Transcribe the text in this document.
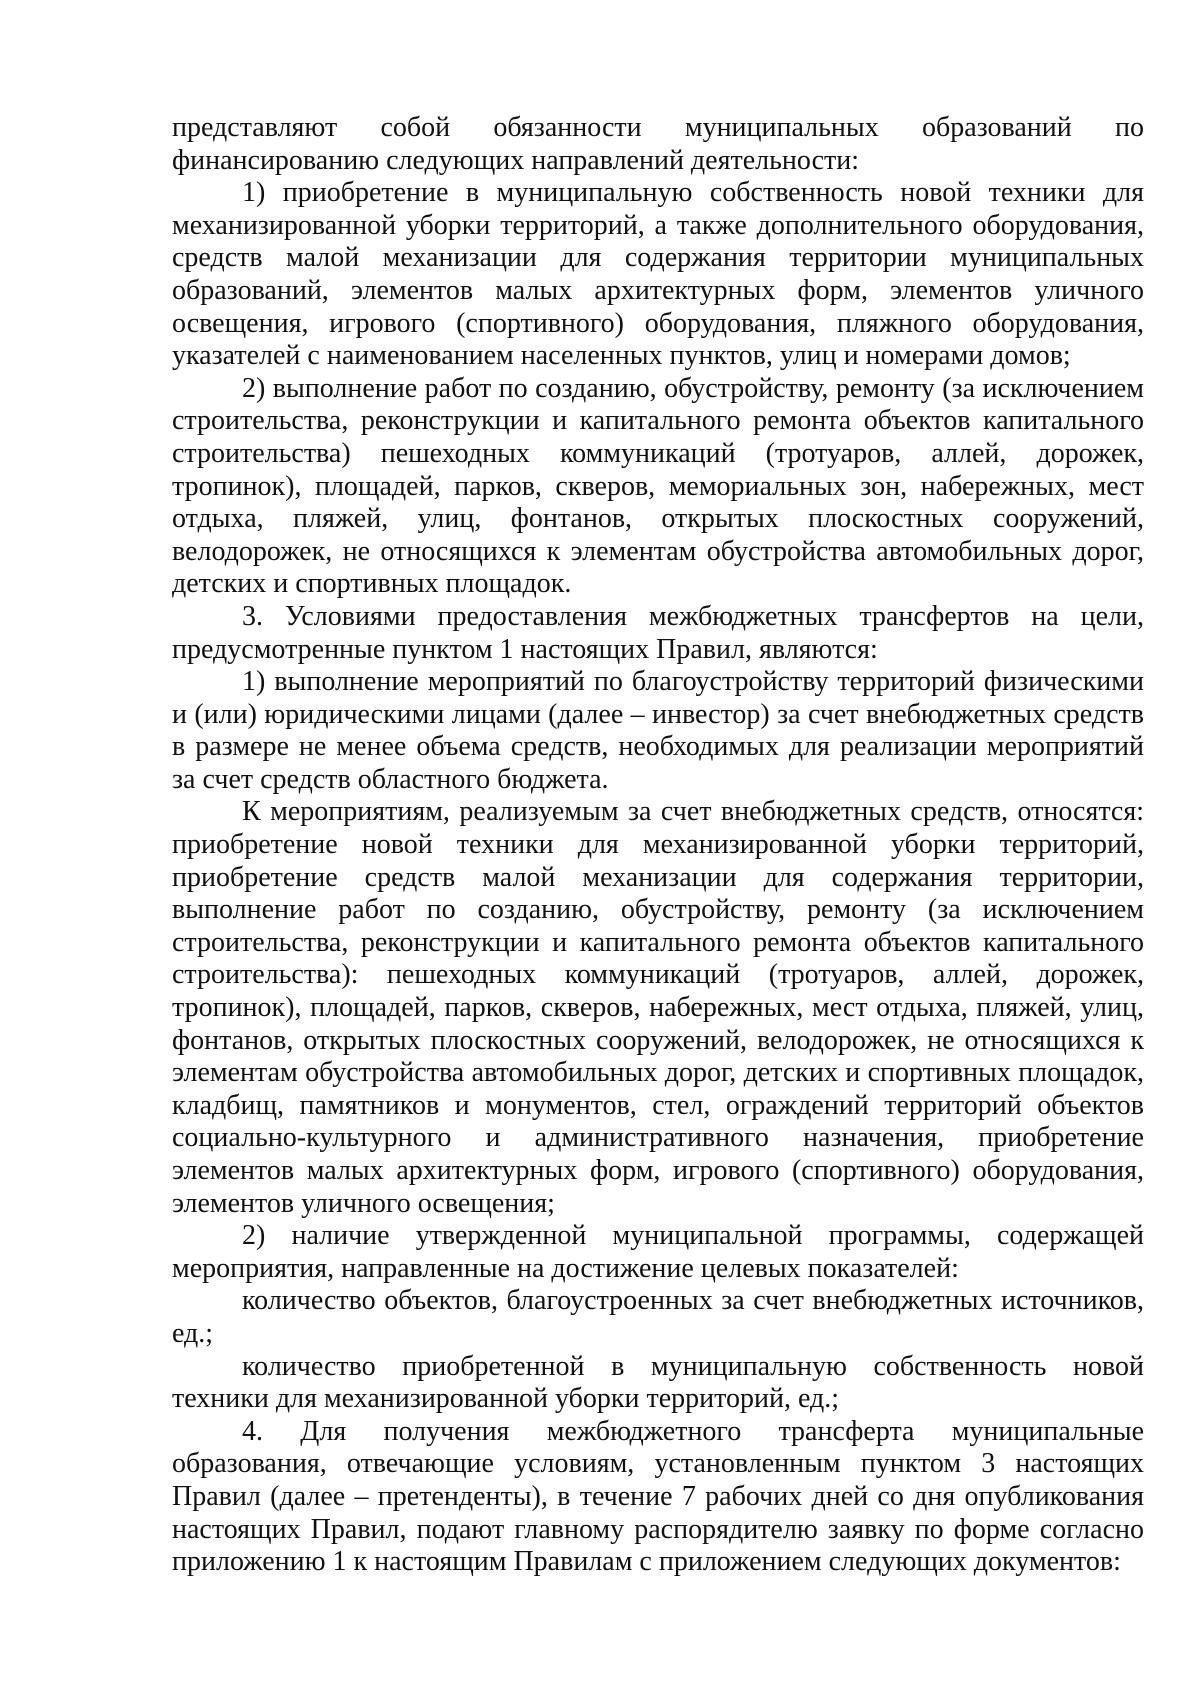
представляют собой обязанности муниципальных образований по финансированию следующих направлений деятельности:

1) приобретение в муниципальную собственность новой техники для механизированной уборки территорий, а также дополнительного оборудования, средств малой механизации для содержания территории муниципальных образований, элементов малых архитектурных форм, элементов уличного освещения, игрового (спортивного) оборудования, пляжного оборудования, указателей с наименованием населенных пунктов, улиц и номерами домов;

2) выполнение работ по созданию, обустройству, ремонту (за исключением строительства, реконструкции и капитального ремонта объектов капитального строительства) пешеходных коммуникаций (тротуаров, аллей, дорожек, тропинок), площадей, парков, скверов, мемориальных зон, набережных, мест отдыха, пляжей, улиц, фонтанов, открытых плоскостных сооружений, велодорожек, не относящихся к элементам обустройства автомобильных дорог, детских и спортивных площадок.

3. Условиями предоставления межбюджетных трансфертов на цели, предусмотренные пунктом 1 настоящих Правил, являются:

1) выполнение мероприятий по благоустройству территорий физическими и (или) юридическими лицами (далее – инвестор) за счет внебюджетных средств в размере не менее объема средств, необходимых для реализации мероприятий за счет средств областного бюджета.

К мероприятиям, реализуемым за счет внебюджетных средств, относятся: приобретение новой техники для механизированной уборки территорий, приобретение средств малой механизации для содержания территории, выполнение работ по созданию, обустройству, ремонту (за исключением строительства, реконструкции и капитального ремонта объектов капитального строительства): пешеходных коммуникаций (тротуаров, аллей, дорожек, тропинок), площадей, парков, скверов, набережных, мест отдыха, пляжей, улиц, фонтанов, открытых плоскостных сооружений, велодорожек, не относящихся к элементам обустройства автомобильных дорог, детских и спортивных площадок, кладбищ, памятников и монументов, стел, ограждений территорий объектов социально-культурного и административного назначения, приобретение элементов малых архитектурных форм, игрового (спортивного) оборудования, элементов уличного освещения;

2) наличие утвержденной муниципальной программы, содержащей мероприятия, направленные на достижение целевых показателей:

количество объектов, благоустроенных за счет внебюджетных источников, ед.;

количество приобретенной в муниципальную собственность новой техники для механизированной уборки территорий, ед.;

4. Для получения межбюджетного трансферта муниципальные образования, отвечающие условиям, установленным пунктом 3 настоящих Правил (далее – претенденты), в течение 7 рабочих дней со дня опубликования настоящих Правил, подают главному распорядителю заявку по форме согласно приложению 1 к настоящим Правилам с приложением следующих документов:
